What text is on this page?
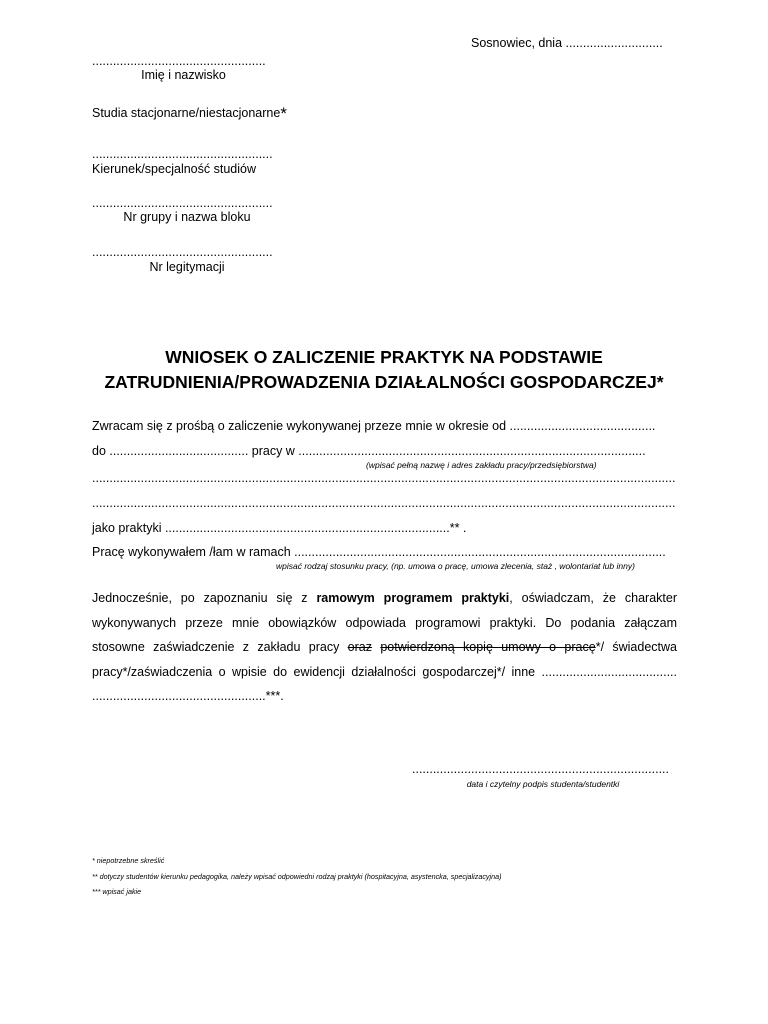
Sosnowiec, dnia ............................
..................................................
Imię i nazwisko
Studia stacjonarne/niestacjonarne*
....................................................
Kierunek/specjalność studiów
....................................................
Nr grupy i nazwa bloku
....................................................
Nr legitymacji
WNIOSEK O ZALICZENIE PRAKTYK NA PODSTAWIE
ZATRUDNIENIA/PROWADZENIA DZIAŁALNOŚCI GOSPODARCZEJ*
Zwracam się z prośbą o zaliczenie wykonywanej przeze mnie w okresie od ..........................................
do ........................................ pracy w ....................................................................................................
(wpisać pełną nazwę i adres zakładu pracy/przedsiębiorstwa)
........................................................................................................................................................................
........................................................................................................................................................................
jako praktyki ..................................................................................** .
Pracę wykonywałem /łam w ramach ...........................................................................................................
wpisać rodzaj stosunku pracy, (np. umowa o pracę, umowa zlecenia, staż , wolontariat lub inny)
Jednocześnie, po zapoznaniu się z ramowym programem praktyki, oświadczam, że charakter wykonywanych przeze mnie obowiązków odpowiada programowi praktyki. Do podania załączam stosowne zaświadczenie z zakładu pracy oraz potwierdzoną kopię umowy o pracę*/ świadectwa pracy*/zaświadczenia o wpisie do ewidencji działalności gospodarczej*/ inne ....................................... ..................................................***.
..........................................................................
data i czytelny podpis studenta/studentki
* niepotrzebne skreślić
** dotyczy studentów kierunku pedagogika, należy wpisać odpowiedni rodzaj praktyki (hospitacyjna, asystencka, specjalizacyjna)
*** wpisać jakie
